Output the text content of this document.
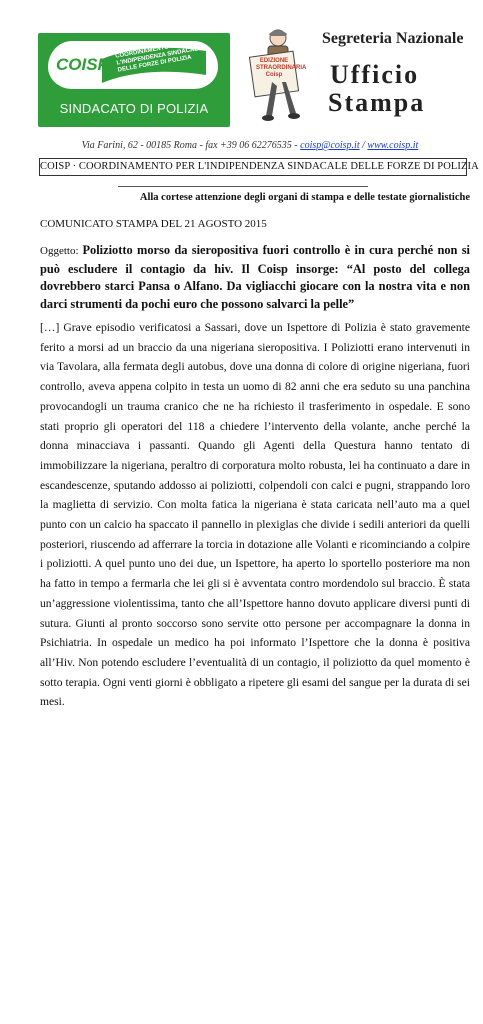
COISP
COORDINAMENTO PER L'INDIPENDENZA SINDACALE DELLE FORZE DI POLIZIA
SINDACATO DI POLIZIA
EDIZIONE STRAORDINARIA Coisp
Segreteria Nazionale
Ufficio
Stampa
Via Farini, 62 - 00185 Roma - fax +39 06 62276535 - coisp@coisp.it / www.coisp.it
COISP · COORDINAMENTO PER L'INDIPENDENZA SINDACALE DELLE FORZE DI POLIZIA
Alla cortese attenzione degli organi di stampa e delle testate giornalistiche
COMUNICATO STAMPA DEL 21 AGOSTO 2015
Oggetto: Poliziotto morso da sieropositiva fuori controllo è in cura perché non si può escludere il contagio da hiv. Il Coisp insorge: “Al posto del collega dovrebbero starci Pansa o Alfano. Da vigliacchi giocare con la nostra vita e non darci strumenti da pochi euro che possono salvarci la pelle”
[…] Grave episodio verificatosi a Sassari, dove un Ispettore di Polizia è stato gravemente ferito a morsi ad un braccio da una nigeriana sieropositiva. I Poliziotti erano intervenuti in via Tavolara, alla fermata degli autobus, dove una donna di colore di origine nigeriana, fuori controllo, aveva appena colpito in testa un uomo di 82 anni che era seduto su una panchina provocandogli un trauma cranico che ne ha richiesto il trasferimento in ospedale. E sono stati proprio gli operatori del 118 a chiedere l’intervento della volante, anche perché la donna minacciava i passanti. Quando gli Agenti della Questura hanno tentato di immobilizzare la nigeriana, peraltro di corporatura molto robusta, lei ha continuato a dare in escandescenze, sputando addosso ai poliziotti, colpendoli con calci e pugni, strappando loro la maglietta di servizio. Con molta fatica la nigeriana è stata caricata nell’auto ma a quel punto con un calcio ha spaccato il pannello in plexiglas che divide i sedili anteriori da quelli posteriori, riuscendo ad afferrare la torcia in dotazione alle Volanti e ricominciando a colpire i poliziotti. A quel punto uno dei due, un Ispettore, ha aperto lo sportello posteriore ma non ha fatto in tempo a fermarla che lei gli si è avventata contro mordendolo sul braccio. È stata un’aggressione violentissima, tanto che all’Ispettore hanno dovuto applicare diversi punti di sutura. Giunti al pronto soccorso sono servite otto persone per accompagnare la donna in Psichiatria. In ospedale un medico ha poi informato l’Ispettore che la donna è positiva all’Hiv. Non potendo escludere l’eventualità di un contagio, il poliziotto da quel momento è sotto terapia. Ogni venti giorni è obbligato a ripetere gli esami del sangue per la durata di sei mesi.
